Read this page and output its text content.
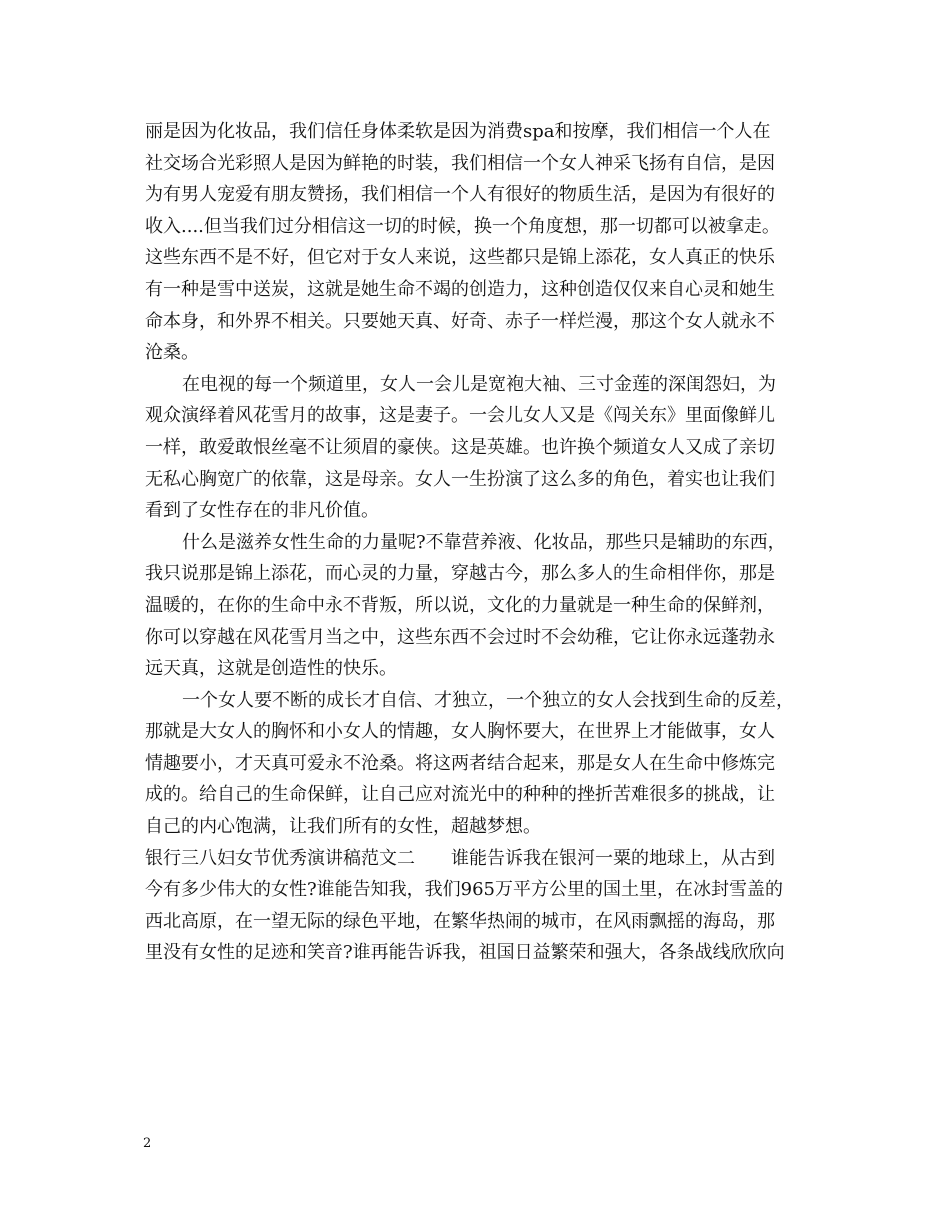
丽是因为化妆品，我们信任身体柔软是因为消费spa和按摩，我们相信一个人在
社交场合光彩照人是因为鲜艳的时装，我们相信一个女人神采飞扬有自信，是因
为有男人宠爱有朋友赞扬，我们相信一个人有很好的物质生活，是因为有很好的
收入....但当我们过分相信这一切的时候，换一个角度想，那一切都可以被拿走。
这些东西不是不好，但它对于女人来说，这些都只是锦上添花，女人真正的快乐
有一种是雪中送炭，这就是她生命不竭的创造力，这种创造仅仅来自心灵和她生
命本身，和外界不相关。只要她天真、好奇、赤子一样烂漫，那这个女人就永不
沧桑。
在电视的每一个频道里，女人一会儿是宽袍大袖、三寸金莲的深闺怨妇，为
观众演绎着风花雪月的故事，这是妻子。一会儿女人又是《闯关东》里面像鲜儿
一样，敢爱敢恨丝毫不让须眉的豪侠。这是英雄。也许换个频道女人又成了亲切
无私心胸宽广的依靠，这是母亲。女人一生扮演了这么多的角色，着实也让我们
看到了女性存在的非凡价值。
什么是滋养女性生命的力量呢?不靠营养液、化妆品，那些只是辅助的东西，
我只说那是锦上添花，而心灵的力量，穿越古今，那么多人的生命相伴你，那是
温暖的，在你的生命中永不背叛，所以说，文化的力量就是一种生命的保鲜剂，
你可以穿越在风花雪月当之中，这些东西不会过时不会幼稚，它让你永远蓬勃永
远天真，这就是创造性的快乐。
一个女人要不断的成长才自信、才独立，一个独立的女人会找到生命的反差，
那就是大女人的胸怀和小女人的情趣，女人胸怀要大，在世界上才能做事，女人
情趣要小，才天真可爱永不沧桑。将这两者结合起来，那是女人在生命中修炼完
成的。给自己的生命保鲜，让自己应对流光中的种种的挫折苦难很多的挑战，让
自己的内心饱满，让我们所有的女性，超越梦想。
银行三八妇女节优秀演讲稿范文二　　谁能告诉我在银河一粟的地球上，从古到
今有多少伟大的女性?谁能告知我，我们965万平方公里的国土里，在冰封雪盖的
西北高原，在一望无际的绿色平地，在繁华热闹的城市，在风雨飘摇的海岛，那
里没有女性的足迹和笑音?谁再能告诉我，祖国日益繁荣和强大，各条战线欣欣向
2
